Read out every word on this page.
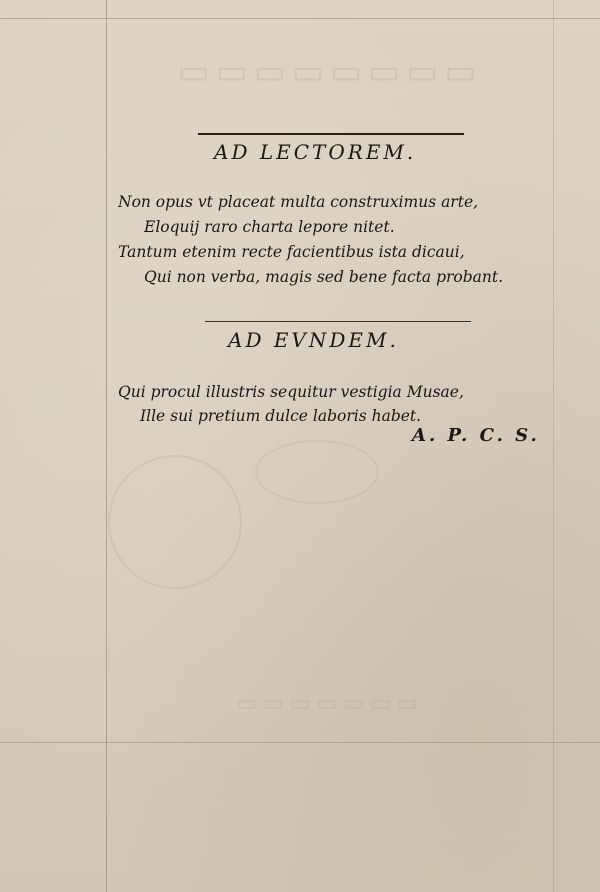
▭▭▭▭▭▭▭▭
▭▭▭▭▭▭▭
AD LECTOREM.
Non opus vt placeat multa construximus arte,
Eloquij raro charta lepore nitet.
Tantum etenim recte facientibus ista dicaui,
Qui non verba, magis sed bene facta probant.
AD EVNDEM.
Qui procul illustris sequitur vestigia Musae,
Ille sui pretium dulce laboris habet.
A. P. C. S.
